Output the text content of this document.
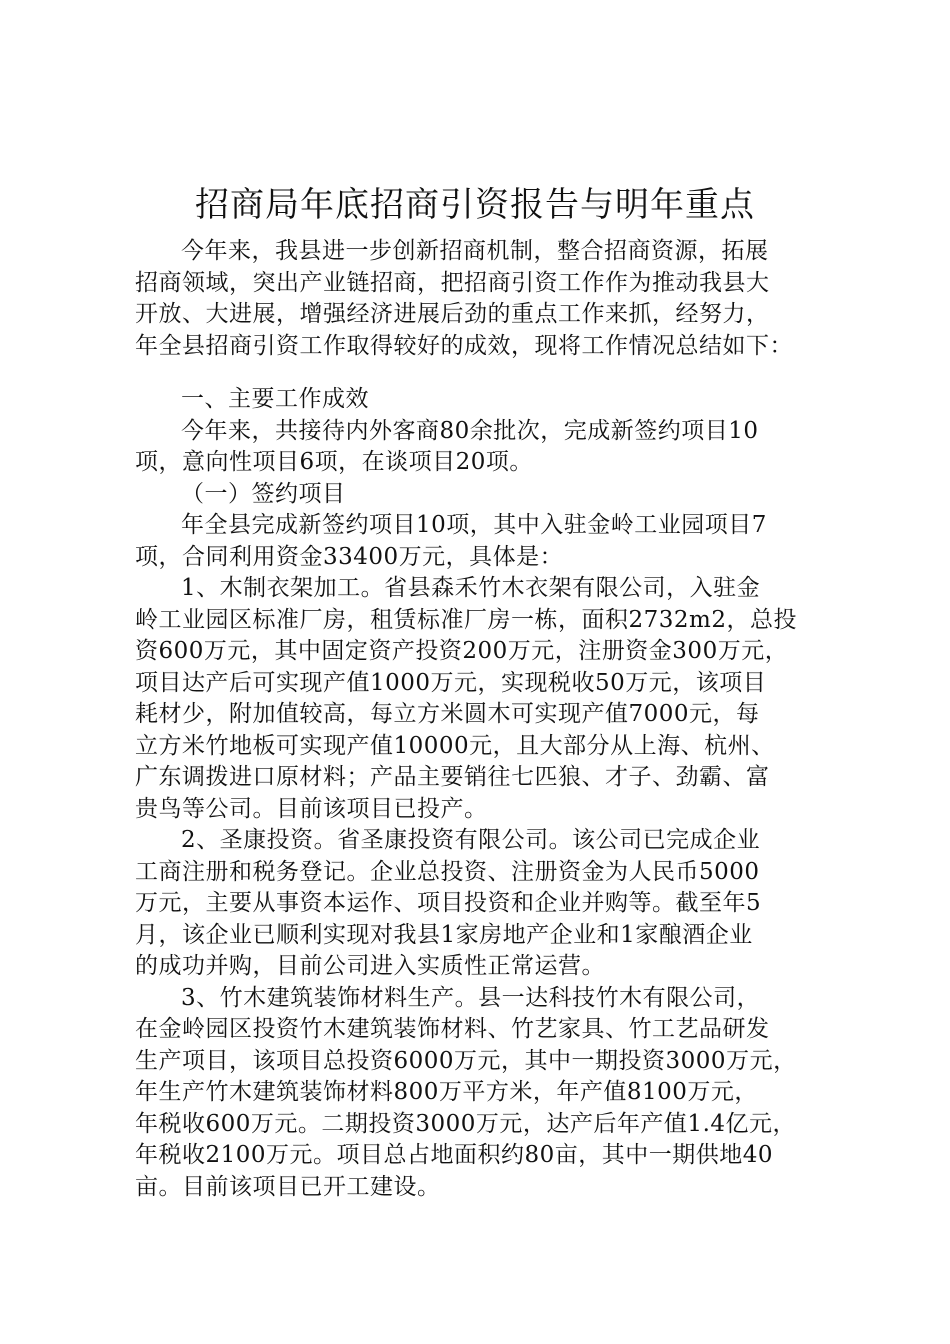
招商局年底招商引资报告与明年重点
今年来，我县进一步创新招商机制，整合招商资源，拓展
招商领域，突出产业链招商，把招商引资工作作为推动我县大
开放、大进展，增强经济进展后劲的重点工作来抓，经努力，
年全县招商引资工作取得较好的成效，现将工作情况总结如下：
一、主要工作成效
今年来，共接待内外客商80余批次，完成新签约项目10
项，意向性项目6项，在谈项目20项。
（一）签约项目
年全县完成新签约项目10项，其中入驻金岭工业园项目7
项，合同利用资金33400万元，具体是：
1、木制衣架加工。省县森禾竹木衣架有限公司，入驻金
岭工业园区标准厂房，租赁标准厂房一栋，面积2732m2，总投
资600万元，其中固定资产投资200万元，注册资金300万元，
项目达产后可实现产值1000万元，实现税收50万元，该项目
耗材少，附加值较高，每立方米圆木可实现产值7000元，每
立方米竹地板可实现产值10000元，且大部分从上海、杭州、
广东调拨进口原材料；产品主要销往七匹狼、才子、劲霸、富
贵鸟等公司。目前该项目已投产。
2、圣康投资。省圣康投资有限公司。该公司已完成企业
工商注册和税务登记。企业总投资、注册资金为人民币5000
万元，主要从事资本运作、项目投资和企业并购等。截至年5
月，该企业已顺利实现对我县1家房地产企业和1家酿酒企业
的成功并购，目前公司进入实质性正常运营。
3、竹木建筑装饰材料生产。县一达科技竹木有限公司，
在金岭园区投资竹木建筑装饰材料、竹艺家具、竹工艺品研发
生产项目，该项目总投资6000万元，其中一期投资3000万元，
年生产竹木建筑装饰材料800万平方米，年产值8100万元，
年税收600万元。二期投资3000万元，达产后年产值1.4亿元，
年税收2100万元。项目总占地面积约80亩，其中一期供地40
亩。目前该项目已开工建设。
